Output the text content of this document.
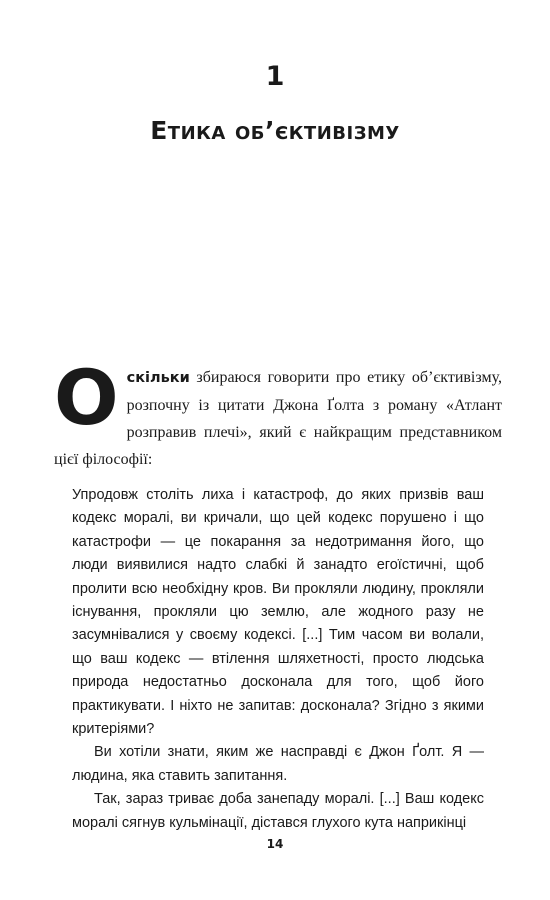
1
Етика об’єктивізму
Оскільки збираюся говорити про етику об’єктивізму, розпочну із цитати Джона Ґолта з роману «Атлант розправив плечі», який є найкращим представником цієї філософії:

Упродовж століть лиха і катастроф, до яких призвів ваш кодекс моралі, ви кричали, що цей кодекс порушено і що катастрофи — це покарання за недотримання його, що люди виявилися надто слабкі й занадто егоїстичні, щоб пролити всю необхідну кров. Ви прокляли людину, прокляли існування, прокляли цю землю, але жодного разу не засумнівалися у своєму кодексі. [...] Тим часом ви волали, що ваш кодекс — втілення шляхетності, просто людська природа недостатньо досконала для того, щоб його практикувати. І ніхто не запитав: досконала? Згідно з якими критеріями?

Ви хотіли знати, яким же насправді є Джон Ґолт. Я — людина, яка ставить запитання.

Так, зараз триває доба занепаду моралі. [...] Ваш кодекс моралі сягнув кульмінації, дістався глухого кута наприкінці

14
